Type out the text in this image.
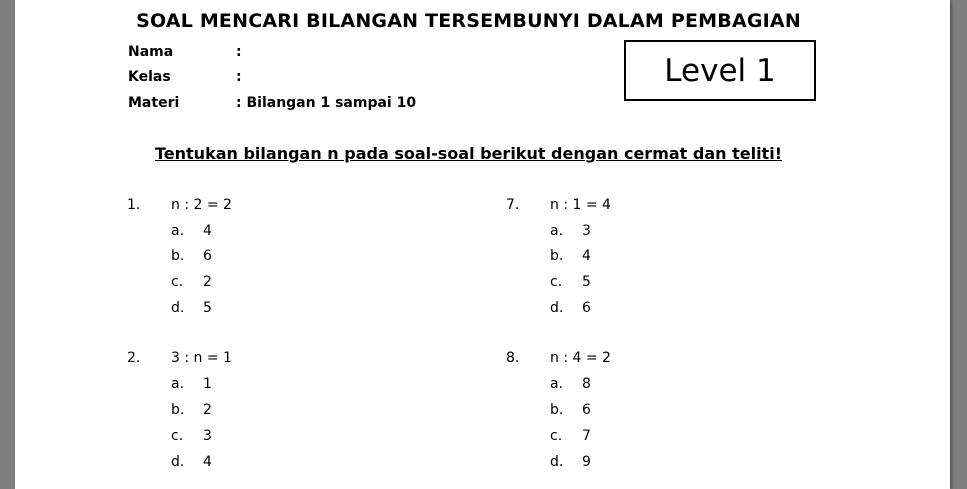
SOAL MENCARI BILANGAN TERSEMBUNYI DALAM PEMBAGIAN
Nama	:
Kelas	:
Materi	: Bilangan 1 sampai 10
Level 1
Tentukan bilangan n pada soal-soal berikut dengan cermat dan teliti!
1. n : 2 = 2
a. 4
b. 6
c. 2
d. 5
7. n : 1 = 4
a. 3
b. 4
c. 5
d. 6
2. 3 : n = 1
a. 1
b. 2
c. 3
d. 4
8. n : 4 = 2
a. 8
b. 6
c. 7
d. 9
